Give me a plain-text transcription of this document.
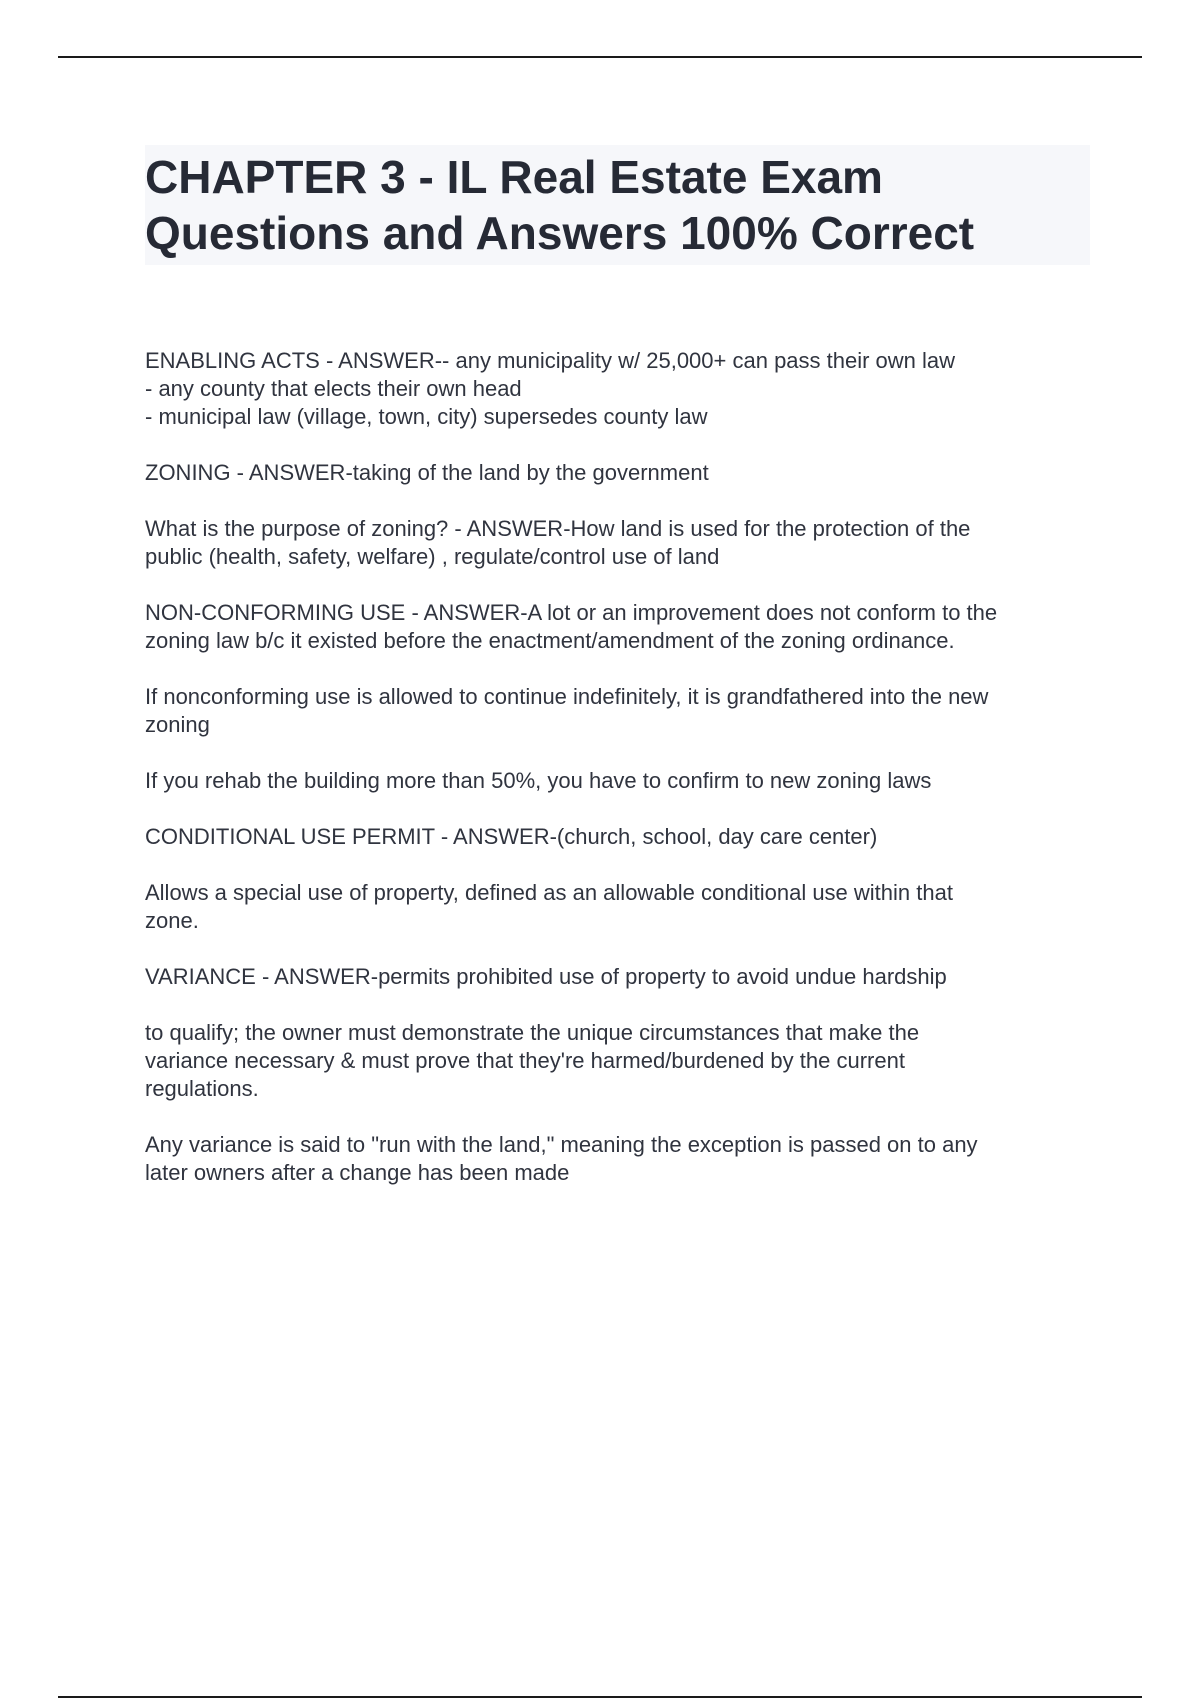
CHAPTER 3 - IL Real Estate Exam
Questions and Answers 100% Correct

ENABLING ACTS - ANSWER-- any municipality w/ 25,000+ can pass their own law
- any county that elects their own head
- municipal law (village, town, city) supersedes county law

ZONING - ANSWER-taking of the land by the government

What is the purpose of zoning? - ANSWER-How land is used for the protection of the
public (health, safety, welfare) , regulate/control use of land

NON-CONFORMING USE - ANSWER-A lot or an improvement does not conform to the
zoning law b/c it existed before the enactment/amendment of the zoning ordinance.

If nonconforming use is allowed to continue indefinitely, it is grandfathered into the new
zoning

If you rehab the building more than 50%, you have to confirm to new zoning laws

CONDITIONAL USE PERMIT - ANSWER-(church, school, day care center)

Allows a special use of property, defined as an allowable conditional use within that
zone.

VARIANCE - ANSWER-permits prohibited use of property to avoid undue hardship

to qualify; the owner must demonstrate the unique circumstances that make the
variance necessary & must prove that they're harmed/burdened by the current
regulations.

Any variance is said to "run with the land," meaning the exception is passed on to any
later owners after a change has been made
